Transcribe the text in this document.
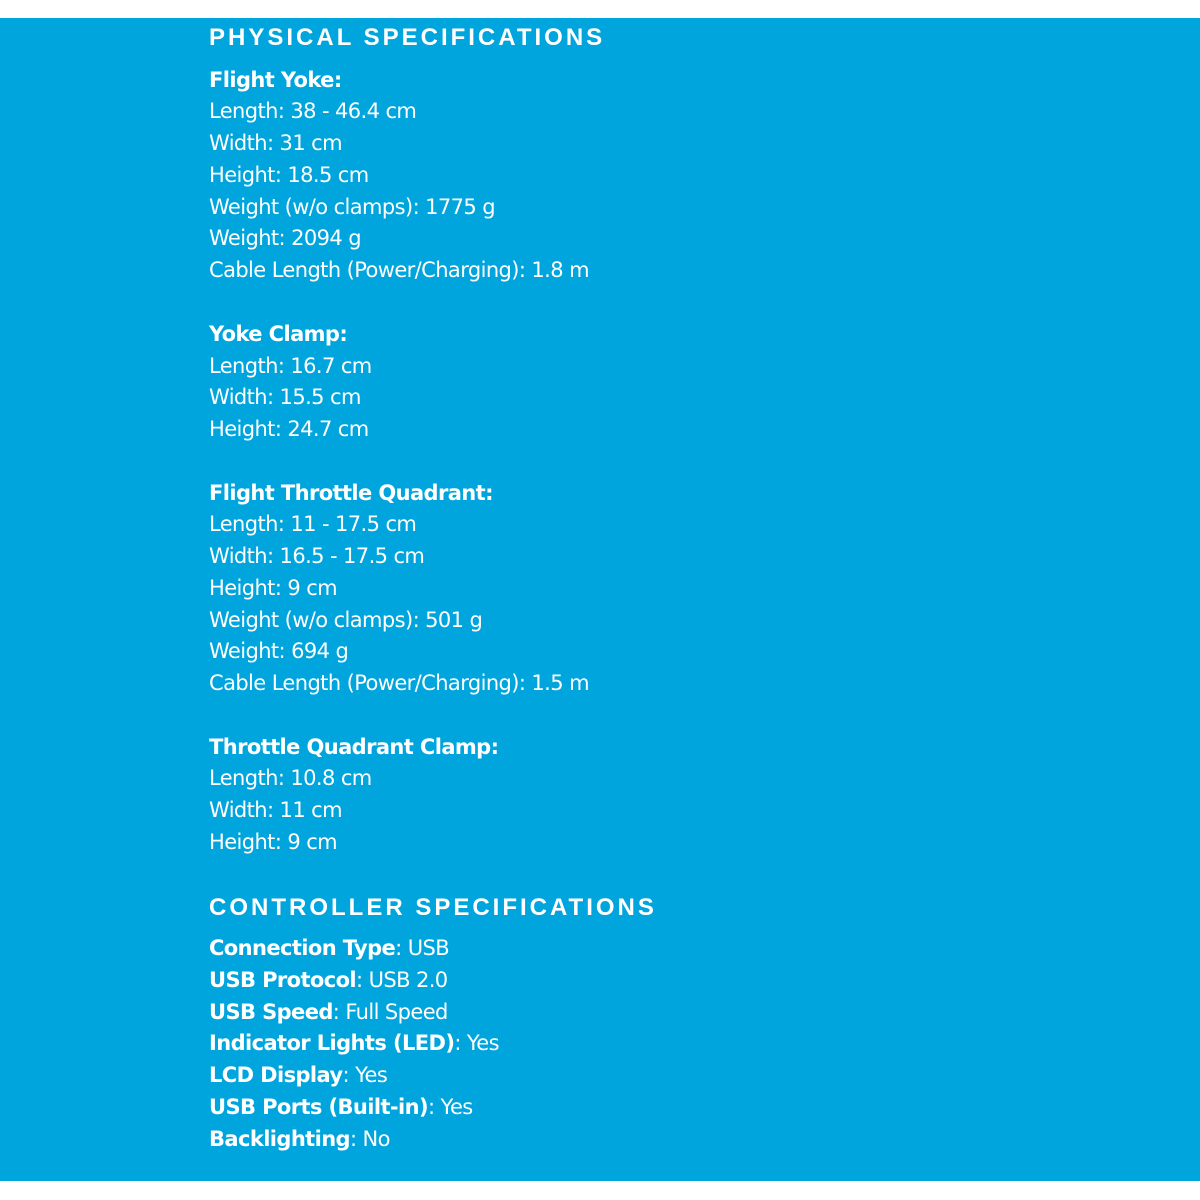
PHYSICAL SPECIFICATIONS
Flight Yoke:
Length: 38 - 46.4 cm
Width: 31 cm
Height: 18.5 cm
Weight (w/o clamps): 1775 g
Weight: 2094 g
Cable Length (Power/Charging): 1.8 m
Yoke Clamp:
Length: 16.7 cm
Width: 15.5 cm
Height: 24.7 cm
Flight Throttle Quadrant:
Length: 11 - 17.5 cm
Width: 16.5 - 17.5 cm
Height: 9 cm
Weight (w/o clamps): 501 g
Weight: 694 g
Cable Length (Power/Charging): 1.5 m
Throttle Quadrant Clamp:
Length: 10.8 cm
Width: 11 cm
Height: 9 cm
CONTROLLER SPECIFICATIONS
Connection Type: USB
USB Protocol: USB 2.0
USB Speed: Full Speed
Indicator Lights (LED): Yes
LCD Display: Yes
USB Ports (Built-in): Yes
Backlighting: No
